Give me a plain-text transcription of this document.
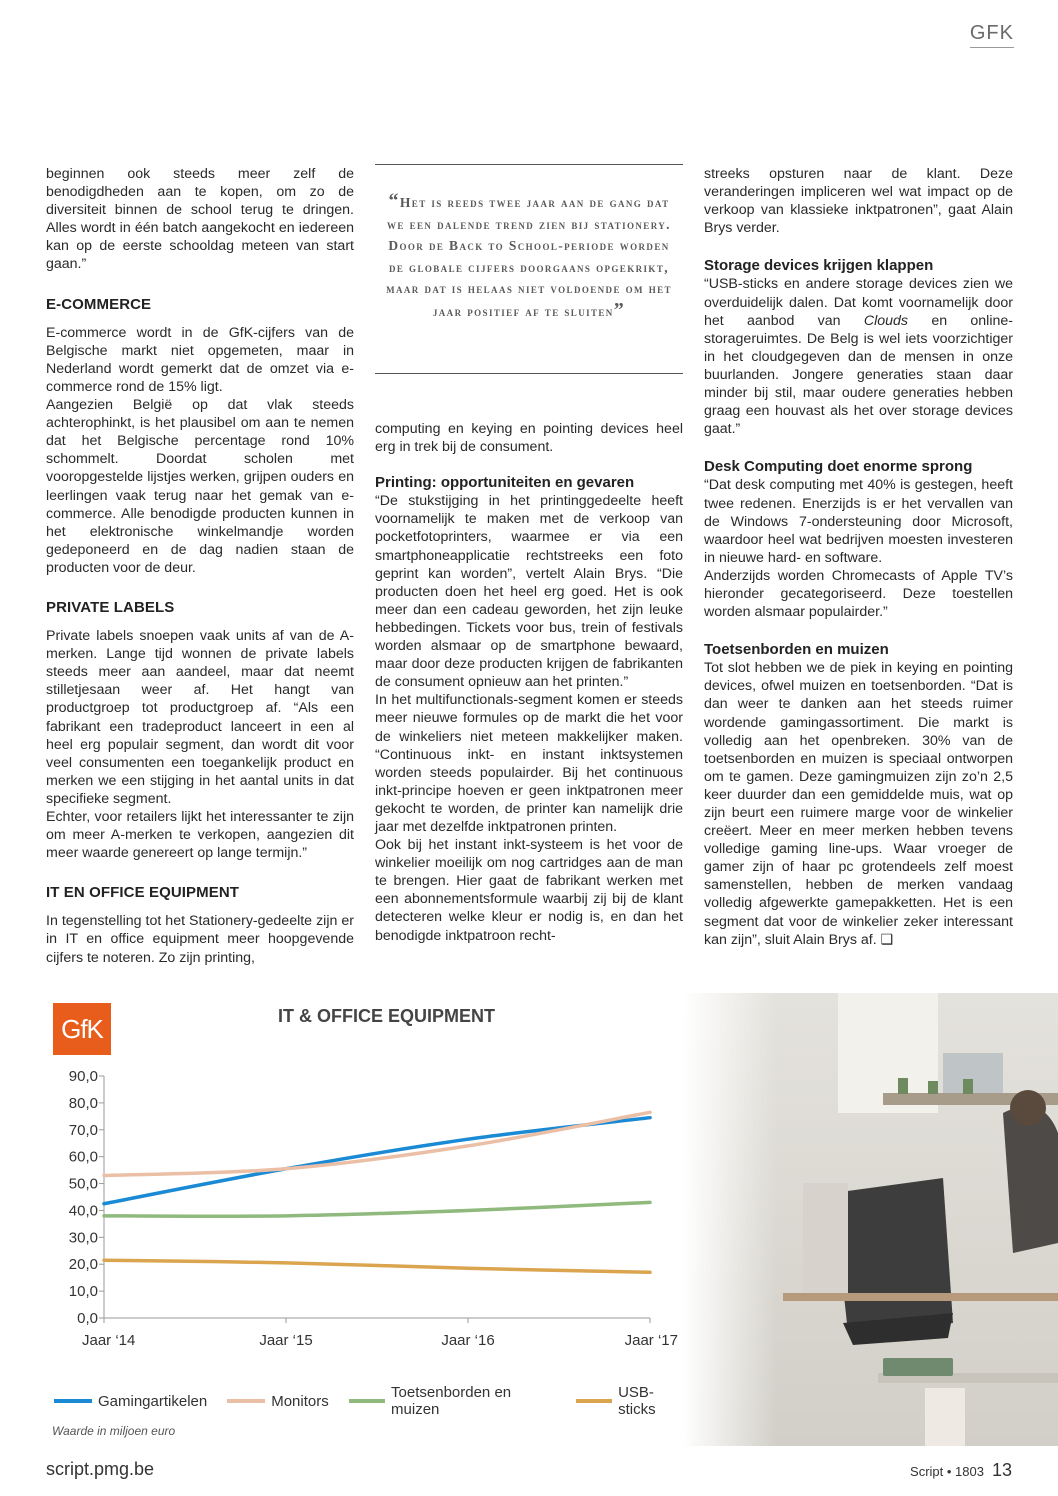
GFK

beginnen ook steeds meer zelf de benodigdheden aan te kopen, om zo de diversiteit binnen de school terug te dringen. Alles wordt in één batch aangekocht en iedereen kan op de eerste schooldag meteen van start gaan.”

E-COMMERCE

E-commerce wordt in de GfK-cijfers van de Belgische markt niet opgemeten, maar in Nederland wordt gemerkt dat de omzet via e-commerce rond de 15% ligt.

Aangezien België op dat vlak steeds achterophinkt, is het plausibel om aan te nemen dat het Belgische percentage rond 10% schommelt. Doordat scholen met vooropgestelde lijstjes werken, grijpen ouders en leerlingen vaak terug naar het gemak van e-commerce. Alle benodigde producten kunnen in het elektronische winkelmandje worden gedeponeerd en de dag nadien staan de producten voor de deur.

PRIVATE LABELS

Private labels snoepen vaak units af van de A-merken. Lange tijd wonnen de private labels steeds meer aan aandeel, maar dat neemt stilletjesaan weer af. Het hangt van productgroep tot productgroep af. “Als een fabrikant een tradeproduct lanceert in een al heel erg populair segment, dan wordt dit voor veel consumenten een toegankelijk product en merken we een stijging in het aantal units in dat specifieke segment.

Echter, voor retailers lijkt het interessanter te zijn om meer A-merken te verkopen, aangezien dit meer waarde genereert op lange termijn.”

IT EN OFFICE EQUIPMENT

In tegenstelling tot het Stationery-gedeelte zijn er in IT en office equipment meer hoopgevende cijfers te noteren. Zo zijn printing,

“Het is reeds twee jaar aan de gang dat we een dalende trend zien bij stationery. Door de Back to School-periode worden de globale cijfers doorgaans opgekrikt, maar dat is helaas niet voldoende om het jaar positief af te sluiten”

computing en keying en pointing devices heel erg in trek bij de consument.

Printing: opportuniteiten en gevaren

“De stukstijging in het printinggedeelte heeft voornamelijk te maken met de verkoop van pocketfotoprinters, waarmee er via een smartphoneapplicatie rechtstreeks een foto geprint kan worden”, vertelt Alain Brys. “Die producten doen het heel erg goed. Het is ook meer dan een cadeau geworden, het zijn leuke hebbedingen. Tickets voor bus, trein of festivals worden alsmaar op de smartphone bewaard, maar door deze producten krijgen de fabrikanten de consument opnieuw aan het printen.”

In het multifunctionals-segment komen er steeds meer nieuwe formules op de markt die het voor de winkeliers niet meteen makkelijker maken. “Continuous inkt- en instant inktsystemen worden steeds populairder. Bij het continuous inkt-principe hoeven er geen inktpatronen meer gekocht te worden, de printer kan namelijk drie jaar met dezelfde inktpatronen printen.

Ook bij het instant inkt-systeem is het voor de winkelier moeilijk om nog cartridges aan de man te brengen. Hier gaat de fabrikant werken met een abonnementsformule waarbij zij bij de klant detecteren welke kleur er nodig is, en dan het benodigde inktpatroon recht-

streeks opsturen naar de klant. Deze veranderingen impliceren wel wat impact op de verkoop van klassieke inktpatronen”, gaat Alain Brys verder.

Storage devices krijgen klappen

“USB-sticks en andere storage devices zien we overduidelijk dalen. Dat komt voornamelijk door het aanbod van Clouds en online-storageruimtes. De Belg is wel iets voorzichtiger in het cloudgegeven dan de mensen in onze buurlanden. Jongere generaties staan daar minder bij stil, maar oudere generaties hebben graag een houvast als het over storage devices gaat.”

Desk Computing doet enorme sprong

“Dat desk computing met 40% is gestegen, heeft twee redenen. Enerzijds is er het vervallen van de Windows 7-ondersteuning door Microsoft, waardoor heel wat bedrijven moesten investeren in nieuwe hard- en software.

Anderzijds worden Chromecasts of Apple TV’s hieronder gecategoriseerd. Deze toestellen worden alsmaar populairder.”

Toetsenborden en muizen

Tot slot hebben we de piek in keying en pointing devices, ofwel muizen en toetsenborden. “Dat is dan weer te danken aan het steeds ruimer wordende gamingassortiment. Die markt is volledig aan het openbreken. 30% van de toetsenborden en muizen is speciaal ontworpen om te gamen. Deze gamingmuizen zijn zo’n 2,5 keer duurder dan een gemiddelde muis, wat op zijn beurt een ruimere marge voor de winkelier creëert. Meer en meer merken hebben tevens volledige gaming line-ups. Waar vroeger de gamer zijn of haar pc grotendeels zelf moest samenstellen, hebben de merken vandaag volledig afgewerkte gamepakketten. Het is een segment dat voor de winkelier zeker interessant kan zijn”, sluit Alain Brys af. ❑

GfK	IT & OFFICE EQUIPMENT
0,0
10,0
20,0
30,0
40,0
50,0
60,0
70,0
80,0
90,0
Jaar ‘14	Jaar ‘15	Jaar ‘16	Jaar ‘17
Gamingartikelen	Monitors	Toetsenborden en muizen
USB-sticks
Waarde in miljoen euro
script.pmg.be	Script • 1803 13
